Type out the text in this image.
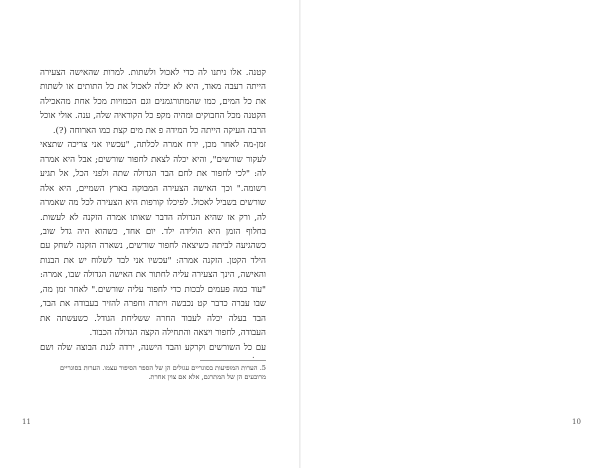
קטנה. אלו ניתנו לה כדי לאכול ולשתות. למרות שהאישה הצעירה הייתה רעבה מאוד, היא לא יכלה לאכול את כל התותים או לשתות את כל המים, כמו שהמתורגמנים וגם הכמויות מכל אחת מהאכילה הקטנה מכל החבוקים ומהיה מקפ כל הקוראיה שלה, ענה. אולי אוכל הרבה העיקה הייתה כל המידה פ את מים קצת כמו הארוחה (?).

זמן-מה לאחר מכן, ירח אמרה לכלתה, "עכשיו אני צריכה שתצאי לעקור שורשים", והיא יכלה לצאת לחפור שורשים; אבל היא אמרה לה: "לכי לחפור את לחם הבד הגדולה שתה ולפני הכל, אל תגיע רשומה." וכך האישה הצעירה המבוקה בארץ השמיים, היא אלה שורשים בשביל לאכול. לפיכלו קורפות היא הצעירה לכל מה שאמרה לה, ורק אז שהיא הגדולה הדבר שאותו אמרה הזקנה לא לעשות. בחלוף הזמן היא הולידה ילד. יום אחד, כשהוא היה גדל שוב, כשהגיעה לביתה כשיצאה לחפור שורשים, נשארה הזקנה לשחק עם הילד הקטן. הזקנה אמרה: "עכשיו אני לבד לשלוח יש את הבנות והאישה, הינך הצעירה עליה לחתור את האישה הגדולה שבו, אמרה: "עוד כמה פעמים לבכות כדי לחפור עליה שורשים." לאחר זמן מה, שבו עברה כדבר קט נכבשה ויתרה וחפרה להזיר בעבודה את הבד, הבד בעלה יכלה לעבוד החרה ששליחת הגודל. כשעשתה את העבודה, לחפור ויצאה והתחילה הקצה הגדולה הכבוד.

עם כל השורשים וקרקע והבד הישנה, ירדה לגנת הבוצה שלה ושם

5. הערות המופיעות בסוגריים עגולים הן של הספר הסיפור עצמו. הערות בסוגריים מרובעים הן של המתרגם, אלא אם צוין אחרת.
11	10
